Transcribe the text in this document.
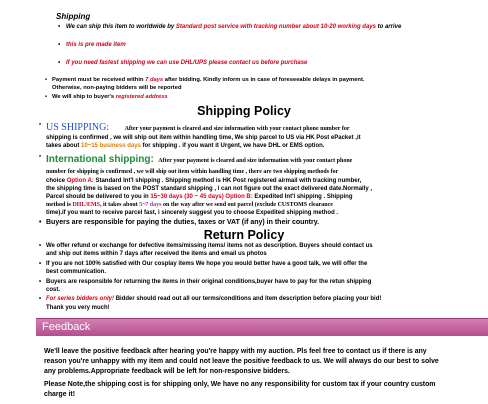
Shipping
• We can ship this item to worldwide by Standard post service with tracking number about 10-20 working days to arrive
• this is pre made item
• If you need fastest shipping we can use DHL/UPS please contact us before purchase
• Payment must be received within 7 days after bidding. Kindly inform us in case of foreseeable delays in payment.
Otherwise, non-paying bidders will be reported
• We will ship to buyer's registered address
Shipping Policy
• US SHIPPING:	After your payment is cleared and size information with your contact phone number for
shipping is confirmed , we will ship out item within handling time, We ship parcel to US via HK Post ePacket ,it
takes about 10~15 business days for shipping . if you want it Urgent, we have DHL or EMS option.
• International shipping: After your payment is cleared and size information with your contact phone
number for shipping is confirmed , we will ship out item within handling time , there are two shipping methods for
choice Option A: Standard Int'l shipping . Shipping method is HK Post registered airmail with tracking number,
the shipping time is based on the POST standard shipping , i can not figure out the exact delivered date.Normally ,
Parcel should be delivered to you in 15~30 days (30 ~ 45 days) Option B: Expedited Int'l shipping . Shipping
method is DHL/EMS, it takes about 5~7 days on the way after we send out parcel (exclude CUSTOMS clearance
time).if you want to receive parcel fast, i sincerely suggest you to choose Expedited shipping method .
• Buyers are responsible for paying the duties, taxes or VAT (if any) in their country.
Return Policy
• We offer refund or exchange for defective items/missing items/ items not as description. Buyers should contact us
and ship out items within 7 days after received the items and email us photos
• If you are not 100% satisfied with Our cosplay items We hope you would better have a good talk, we will offer the
best communication.
• Buyers are responsible for returning the items in their original conditions,buyer have to pay for the retun shipping
cost.
• For series bidders only! Bidder should read out all our terms/conditions and item description before placing your bid!
Thank you very much!
Feedback
We'll leave the positive feedback after hearing you're happy with my auction. Pls feel free to contact us if there is any
reason you're unhappy with my item and could not leave the positive feedback to us. We will always do our best to solve
any problems.Appropriate feedback will be left for non-responsive bidders.
Please Note,the shipping cost is for shipping only, We have no any responsibility for custom tax if your country custom
charge it!
